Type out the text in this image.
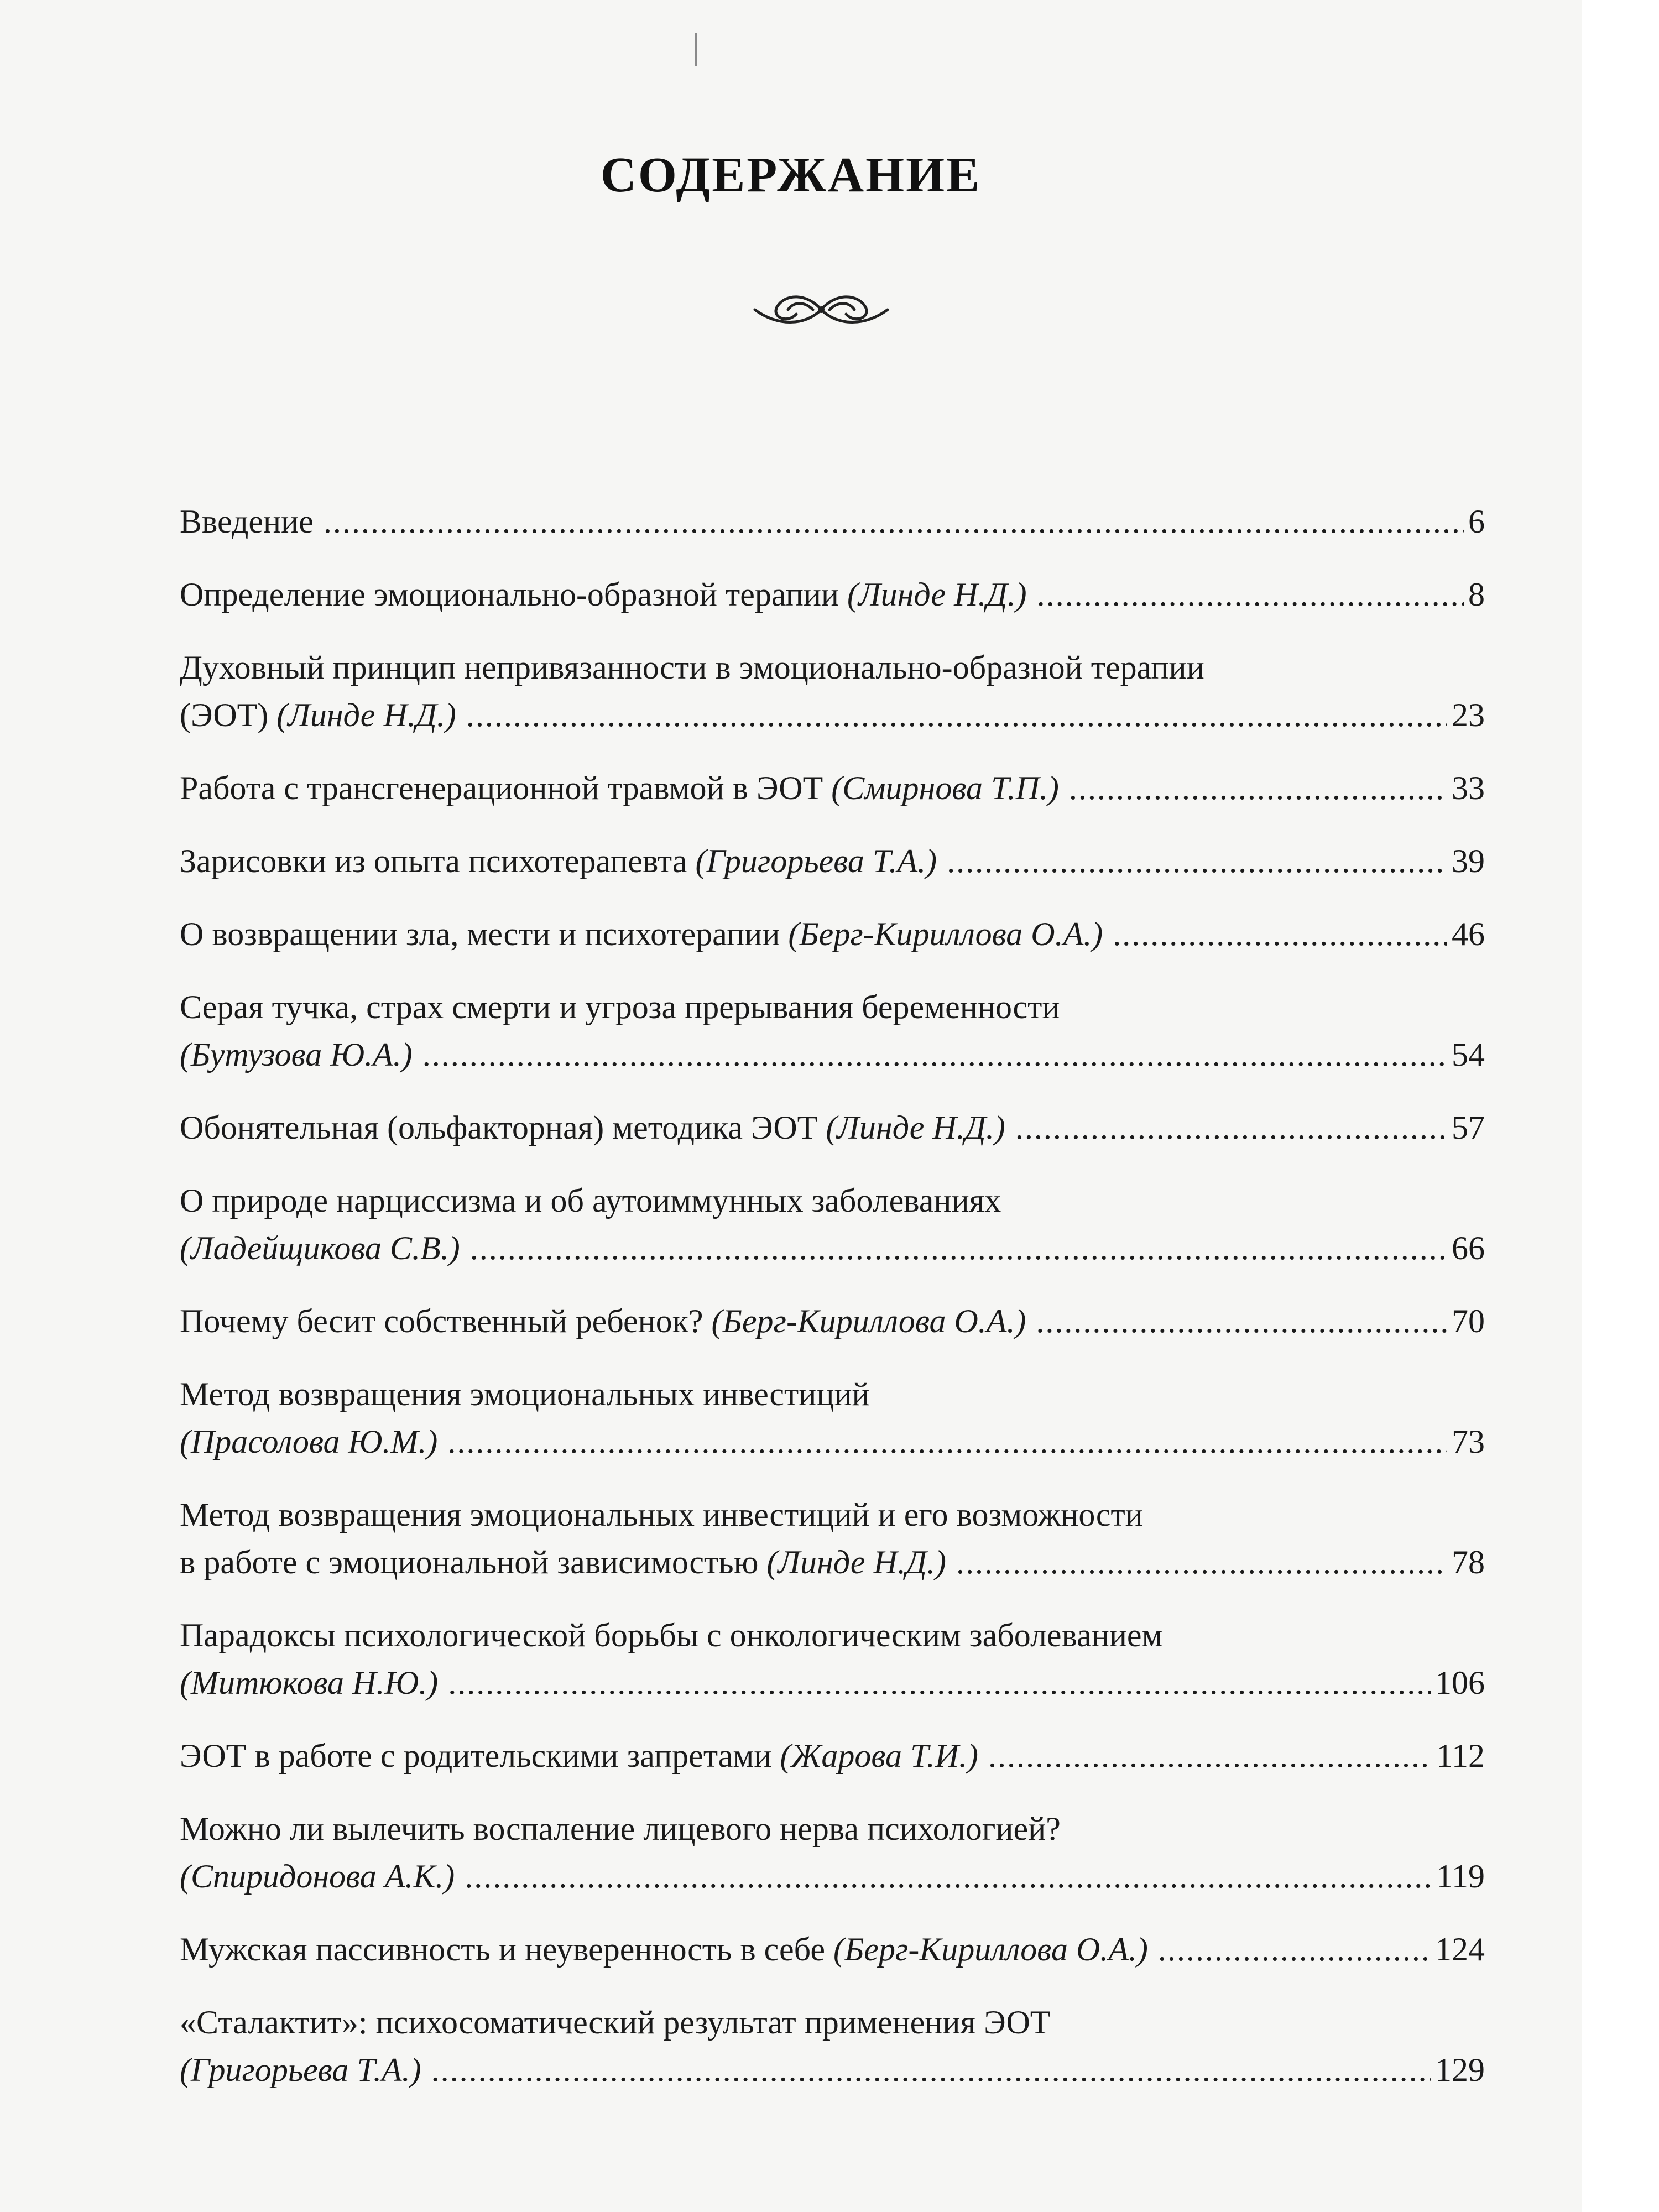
СОДЕРЖАНИЕ
Введение .....	6
Определение эмоционально-образной терапии
(Линде Н.Д.) .....	8
Духовный принцип непривязанности в эмоционально-образной терапии
(ЭОТ)
(Линде Н.Д.) .....	23
Работа с трансгенерационной травмой в ЭОТ
(Смирнова Т.П.) .....	33
Зарисовки из опыта психотерапевта
(Григорьева Т.А.) .....	39
О возвращении зла, мести и психотерапии
(Берг-Кириллова О.А.) .....	46
Серая тучка, страх смерти и угроза прерывания беременности
(Бутузова Ю.А.) .....	54
Обонятельная (ольфакторная) методика ЭОТ
(Линде Н.Д.) .....	57
О природе нарциссизма и об аутоиммунных заболеваниях
(Ладейщикова С.В.) .....	66
Почему бесит собственный ребенок?
(Берг-Кириллова О.А.) .....	70
Метод возвращения эмоциональных инвестиций
(Прасолова Ю.М.) .....	73
Метод возвращения эмоциональных инвестиций и его возможности
в работе с эмоциональной зависимостью
(Линде Н.Д.) .....	78
Парадоксы психологической борьбы с онкологическим заболеванием
(Митюкова Н.Ю.) .....	106
ЭОТ в работе с родительскими запретами
(Жарова Т.И.) .....	112
Можно ли вылечить воспаление лицевого нерва психологией?
(Спиридонова А.К.) .....	119
Мужская пассивность и неуверенность в себе
(Берг-Кириллова О.А.) .....	124
«Сталактит»: психосоматический результат применения ЭОТ
(Григорьева Т.А.) .....	129
